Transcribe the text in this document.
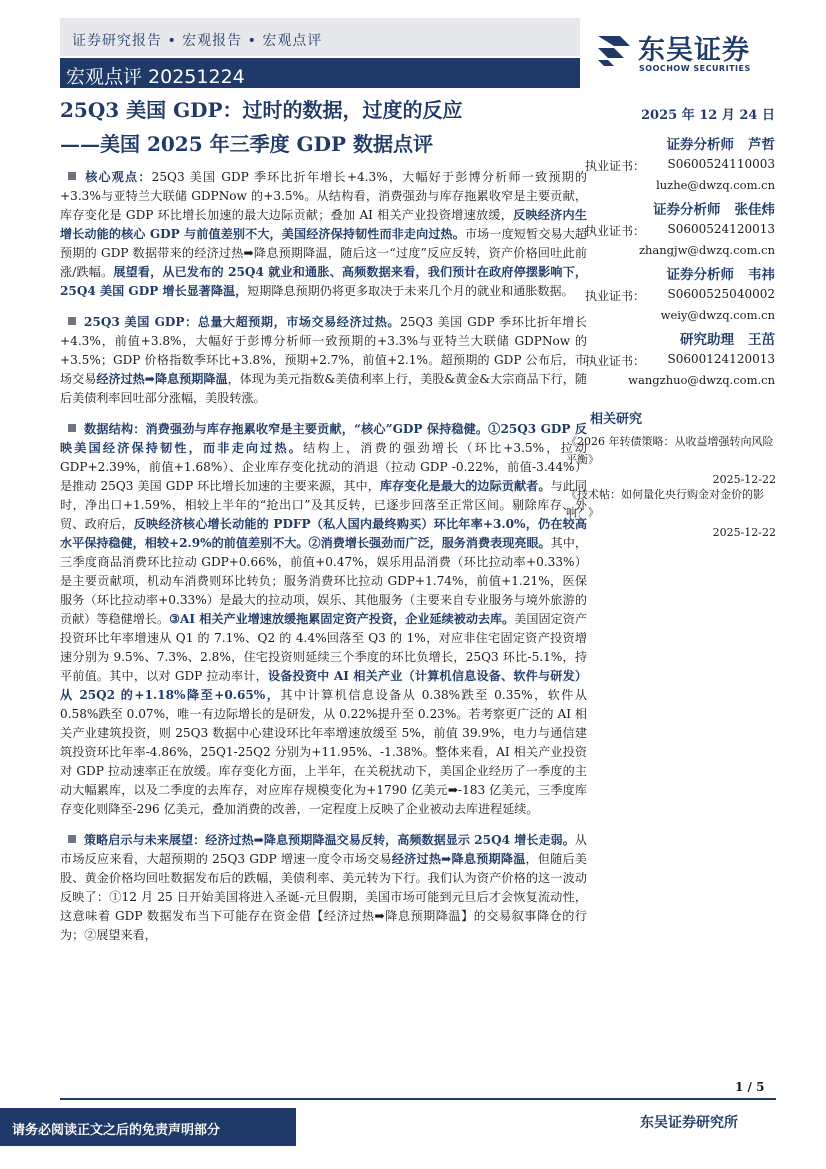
证券研究报告 • 宏观报告 • 宏观点评
宏观点评 20251224
东吴证券
SOOCHOW SECURITIES
25Q3 美国 GDP：过时的数据，过度的反应
——美国 2025 年三季度 GDP 数据点评

核心观点：25Q3 美国 GDP 季环比折年增长+4.3%，大幅好于彭博分析师一致预期的+3.3%与亚特兰大联储 GDPNow 的+3.5%。从结构看，消费强劲与库存拖累收窄是主要贡献，库存变化是 GDP 环比增长加速的最大边际贡献；叠加 AI 相关产业投资增速放缓，反映经济内生增长动能的核心 GDP 与前值差别不大，美国经济保持韧性而非走向过热。市场一度短暂交易大超预期的 GDP 数据带来的经济过热➡降息预期降温，随后这一“过度”反应反转，资产价格回吐此前涨/跌幅。展望看，从已发布的 25Q4 就业和通胀、高频数据来看，我们预计在政府停摆影响下，25Q4 美国 GDP 增长显著降温，短期降息预期仍将更多取决于未来几个月的就业和通胀数据。

25Q3 美国 GDP：总量大超预期，市场交易经济过热。25Q3 美国 GDP 季环比折年增长+4.3%，前值+3.8%，大幅好于彭博分析师一致预期的+3.3%与亚特兰大联储 GDPNow 的+3.5%；GDP 价格指数季环比+3.8%，预期+2.7%，前值+2.1%。超预期的 GDP 公布后，市场交易经济过热➡降息预期降温，体现为美元指数&美债利率上行，美股&黄金&大宗商品下行，随后美债利率回吐部分涨幅，美股转涨。

数据结构：消费强劲与库存拖累收窄是主要贡献，“核心”GDP 保持稳健。①25Q3 GDP 反映美国经济保持韧性，而非走向过热。结构上，消费的强劲增长（环比+3.5%，拉动 GDP+2.39%，前值+1.68%）、企业库存变化扰动的消退（拉动 GDP -0.22%，前值-3.44%）是推动 25Q3 美国 GDP 环比增长加速的主要来源，其中，库存变化是最大的边际贡献者。与此同时，净出口+1.59%，相较上半年的“抢出口”及其反转，已逐步回落至正常区间。剔除库存、外贸、政府后，反映经济核心增长动能的 PDFP（私人国内最终购买）环比年率+3.0%，仍在较高水平保持稳健，相较+2.9%的前值差别不大。②消费增长强劲而广泛，服务消费表现亮眼。其中，三季度商品消费环比拉动 GDP+0.66%，前值+0.47%，娱乐用品消费（环比拉动率+0.33%）是主要贡献项，机动车消费则环比转负；服务消费环比拉动 GDP+1.74%，前值+1.21%，医保服务（环比拉动率+0.33%）是最大的拉动项，娱乐、其他服务（主要来自专业服务与境外旅游的贡献）等稳健增长。③AI 相关产业增速放缓拖累固定资产投资，企业延续被动去库。美国固定资产投资环比年率增速从 Q1 的 7.1%、Q2 的 4.4%回落至 Q3 的 1%，对应非住宅固定资产投资增速分别为 9.5%、7.3%、2.8%，住宅投资则延续三个季度的环比负增长，25Q3 环比-5.1%，持平前值。其中，以对 GDP 拉动率计，设备投资中 AI 相关产业（计算机信息设备、软件与研发）从 25Q2 的+1.18%降至+0.65%，其中计算机信息设备从 0.38%跌至 0.35%，软件从 0.58%跌至 0.07%，唯一有边际增长的是研发，从 0.22%提升至 0.23%。若考察更广泛的 AI 相关产业建筑投资，则 25Q3 数据中心建设环比年率增速放缓至 5%，前值 39.9%，电力与通信建筑投资环比年率-4.86%，25Q1-25Q2 分别为+11.95%、-1.38%。整体来看，AI 相关产业投资对 GDP 拉动速率正在放缓。库存变化方面，上半年，在关税扰动下，美国企业经历了一季度的主动大幅累库，以及二季度的去库存，对应库存规模变化为+1790 亿美元➡-183 亿美元，三季度库存变化则降至-296 亿美元，叠加消费的改善，一定程度上反映了企业被动去库进程延续。

策略启示与未来展望：经济过热➡降息预期降温交易反转，高频数据显示 25Q4 增长走弱。从市场反应来看，大超预期的 25Q3 GDP 增速一度令市场交易经济过热➡降息预期降温，但随后美股、黄金价格均回吐数据发布后的跌幅，美债利率、美元转为下行。我们认为资产价格的这一波动反映了：①12 月 25 日开始美国将进入圣诞-元旦假期，美国市场可能到元旦后才会恢复流动性，这意味着 GDP 数据发布当下可能存在资金借【经济过热➡降息预期降温】的交易叙事降仓的行为；②展望来看，

2025 年 12 月 24 日
证券分析师 芦哲
执业证书： S0600524110003
luzhe@dwzq.com.cn
证券分析师 张佳炜
执业证书： S0600524120013
zhangjw@dwzq.com.cn
证券分析师 韦祎
执业证书： S0600525040002
weiy@dwzq.com.cn
研究助理 王茁
执业证书： S0600124120013
wangzhuo@dwzq.com.cn
相关研究
《2026 年转债策略：从收益增强转向风险平衡》
2025-12-22
《技术帖：如何量化央行购金对金价的影响？》
2025-12-22
1 / 5
请务必阅读正文之后的免责声明部分	东吴证券研究所
